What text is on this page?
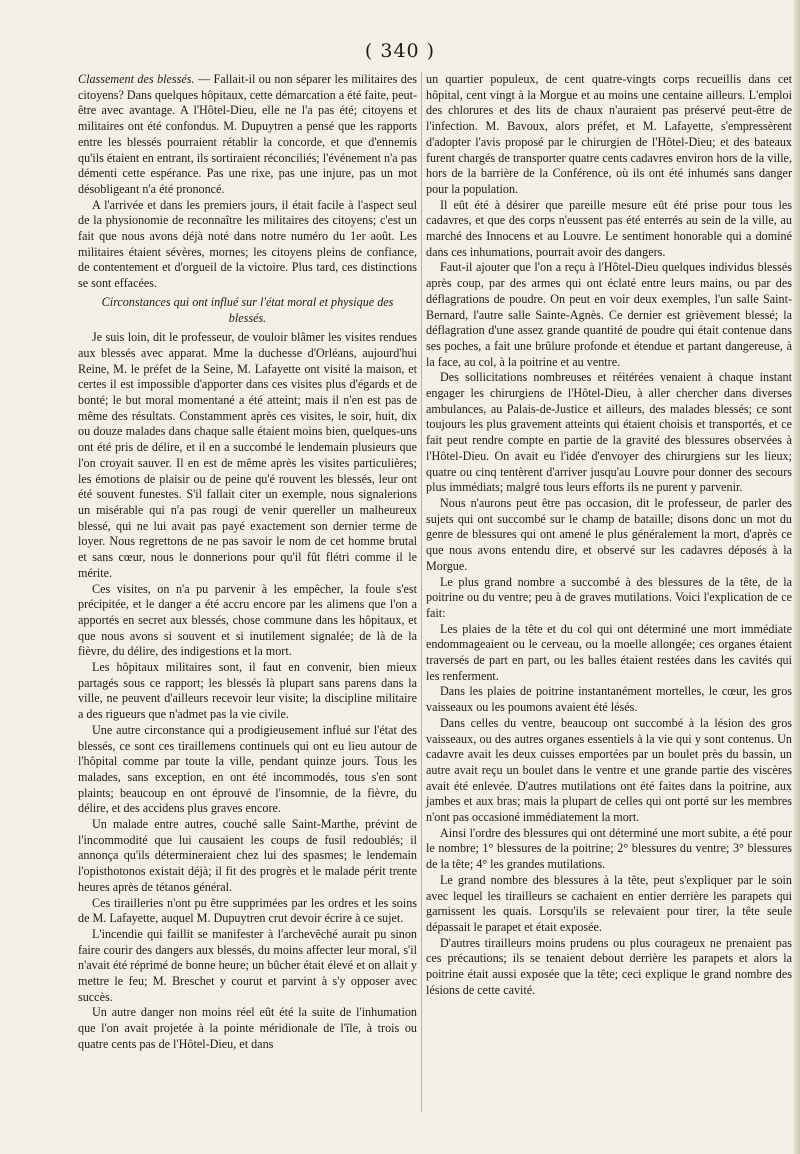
( 340 )

Classement des blessés. — Fallait-il ou non séparer les militaires des citoyens? Dans quelques hôpitaux, cette démarcation a été faite, peut-être avec avantage. A l'Hôtel-Dieu, elle ne l'a pas été; citoyens et militaires ont été confondus. M. Dupuytren a pensé que les rapports entre les blessés pourraient rétablir la concorde, et que d'ennemis qu'ils étaient en entrant, ils sortiraient réconciliés; l'événement n'a pas démenti cette espérance. Pas une rixe, pas une injure, pas un mot désobligeant n'a été prononcé.

A l'arrivée et dans les premiers jours, il était facile à l'aspect seul de la physionomie de reconnaître les militaires des citoyens; c'est un fait que nous avons déjà noté dans notre numéro du 1er août. Les militaires étaient sévères, mornes; les citoyens pleins de confiance, de contentement et d'orgueil de la victoire. Plus tard, ces distinctions se sont effacées.

Circonstances qui ont influé sur l'état moral et physique des blessés.

Je suis loin, dit le professeur, de vouloir blâmer les visites rendues aux blessés avec apparat. Mme la duchesse d'Orléans, aujourd'hui Reine, M. le préfet de la Seine, M. Lafayette ont visité la maison, et certes il est impossible d'apporter dans ces visites plus d'égards et de bonté; le but moral momentané a été atteint; mais il n'en est pas de même des résultats. Constamment après ces visites, le soir, huit, dix ou douze malades dans chaque salle étaient moins bien, quelques-uns ont été pris de délire, et il en a succombé le lendemain plusieurs que l'on croyait sauver. Il en est de même après les visites particulières; les émotions de plaisir ou de peine qu'é rouvent les blessés, leur ont été souvent funestes. S'il fallait citer un exemple, nous signalerions un misérable qui n'a pas rougi de venir quereller un malheureux blessé, qui ne lui avait pas payé exactement son dernier terme de loyer. Nous regrettons de ne pas savoir le nom de cet homme brutal et sans cœur, nous le donnerions pour qu'il fût flétri comme il le mérite.

Ces visites, on n'a pu parvenir à les empêcher, la foule s'est précipitée, et le danger a été accru encore par les alimens que l'on a apportés en secret aux blessés, chose commune dans les hôpitaux, et que nous avons si souvent et si inutilement signalée; de là de la fièvre, du délire, des indigestions et la mort.

Les hôpitaux militaires sont, il faut en convenir, bien mieux partagés sous ce rapport; les blessés là plupart sans parens dans la ville, ne peuvent d'ailleurs recevoir leur visite; la discipline militaire a des rigueurs que n'admet pas la vie civile.

Une autre circonstance qui a prodigieusement influé sur l'état des blessés, ce sont ces tiraillemens continuels qui ont eu lieu autour de l'hôpital comme par toute la ville, pendant quinze jours. Tous les malades, sans exception, en ont été incommodés, tous s'en sont plaints; beaucoup en ont éprouvé de l'insomnie, de la fièvre, du délire, et des accidens plus graves encore.

Un malade entre autres, couché salle Saint-Marthe, prévint de l'incommodité que lui causaient les coups de fusil redoublés; il annonça qu'ils détermineraient chez lui des spasmes; le lendemain l'opisthotonos existait déjà; il fit des progrès et le malade périt trente heures après de tétanos général.

Ces tirailleries n'ont pu être supprimées par les ordres et les soins de M. Lafayette, auquel M. Dupuytren crut devoir écrire à ce sujet.

L'incendie qui faillit se manifester à l'archevêché aurait pu sinon faire courir des dangers aux blessés, du moins affecter leur moral, s'il n'avait été réprimé de bonne heure; un bûcher était élevé et on allait y mettre le feu; M. Breschet y courut et parvint à s'y opposer avec succès.

Un autre danger non moins réel eût été la suite de l'inhumation que l'on avait projetée à la pointe méridionale de l'île, à trois ou quatre cents pas de l'Hôtel-Dieu, et dans

un quartier populeux, de cent quatre-vingts corps recueillis dans cet hôpital, cent vingt à la Morgue et au moins une centaine ailleurs. L'emploi des chlorures et des lits de chaux n'auraient pas préservé peut-être de l'infection. M. Bavoux, alors préfet, et M. Lafayette, s'empressèrent d'adopter l'avis proposé par le chirurgien de l'Hôtel-Dieu; et des bateaux furent chargés de transporter quatre cents cadavres environ hors de la ville, hors de la barrière de la Conférence, où ils ont été inhumés sans danger pour la population.

Il eût été à désirer que pareille mesure eût été prise pour tous les cadavres, et que des corps n'eussent pas été enterrés au sein de la ville, au marché des Innocens et au Louvre. Le sentiment honorable qui a dominé dans ces inhumations, pourrait avoir des dangers.

Faut-il ajouter que l'on a reçu à l'Hôtel-Dieu quelques individus blessés après coup, par des armes qui ont éclaté entre leurs mains, ou par des déflagrations de poudre. On peut en voir deux exemples, l'un salle Saint-Bernard, l'autre salle Sainte-Agnès. Ce dernier est grièvement blessé; la déflagration d'une assez grande quantité de poudre qui était contenue dans ses poches, a fait une brûlure profonde et étendue et partant dangereuse, à la face, au col, à la poitrine et au ventre.

Des sollicitations nombreuses et réitérées venaient à chaque instant engager les chirurgiens de l'Hôtel-Dieu, à aller chercher dans diverses ambulances, au Palais-de-Justice et ailleurs, des malades blessés; ce sont toujours les plus gravement atteints qui étaient choisis et transportés, et ce fait peut rendre compte en partie de la gravité des blessures observées à l'Hôtel-Dieu. On avait eu l'idée d'envoyer des chirurgiens sur les lieux; quatre ou cinq tentèrent d'arriver jusqu'au Louvre pour donner des secours plus immédiats; malgré tous leurs efforts ils ne purent y parvenir.

Nous n'aurons peut être pas occasion, dit le professeur, de parler des sujets qui ont succombé sur le champ de bataille; disons donc un mot du genre de blessures qui ont amené le plus généralement la mort, d'après ce que nous avons entendu dire, et observé sur les cadavres déposés à la Morgue.

Le plus grand nombre a succombé à des blessures de la tête, de la poitrine ou du ventre; peu à de graves mutilations. Voici l'explication de ce fait:

Les plaies de la tête et du col qui ont déterminé une mort immédiate endommageaient ou le cerveau, ou la moelle allongée; ces organes étaient traversés de part en part, ou les balles étaient restées dans les cavités qui les renferment.

Dans les plaies de poitrine instantanément mortelles, le cœur, les gros vaisseaux ou les poumons avaient été lésés.

Dans celles du ventre, beaucoup ont succombé à la lésion des gros vaisseaux, ou des autres organes essentiels à la vie qui y sont contenus. Un cadavre avait les deux cuisses emportées par un boulet près du bassin, un autre avait reçu un boulet dans le ventre et une grande partie des viscères avait été enlevée. D'autres mutilations ont été faites dans la poitrine, aux jambes et aux bras; mais la plupart de celles qui ont porté sur les membres n'ont pas occasioné immédiatement la mort.

Ainsi l'ordre des blessures qui ont déterminé une mort subite, a été pour le nombre; 1° blessures de la poitrine; 2° blessures du ventre; 3° blessures de la tête; 4° les grandes mutilations.

Le grand nombre des blessures à la tête, peut s'expliquer par le soin avec lequel les tirailleurs se cachaient en entier derrière les parapets qui garnissent les quais. Lorsqu'ils se relevaient pour tirer, la tête seule dépassait le parapet et était exposée.

D'autres tirailleurs moins prudens ou plus courageux ne prenaient pas ces précautions; ils se tenaient debout derrière les parapets et alors la poitrine était aussi exposée que la tête; ceci explique le grand nombre des lésions de cette cavité.
